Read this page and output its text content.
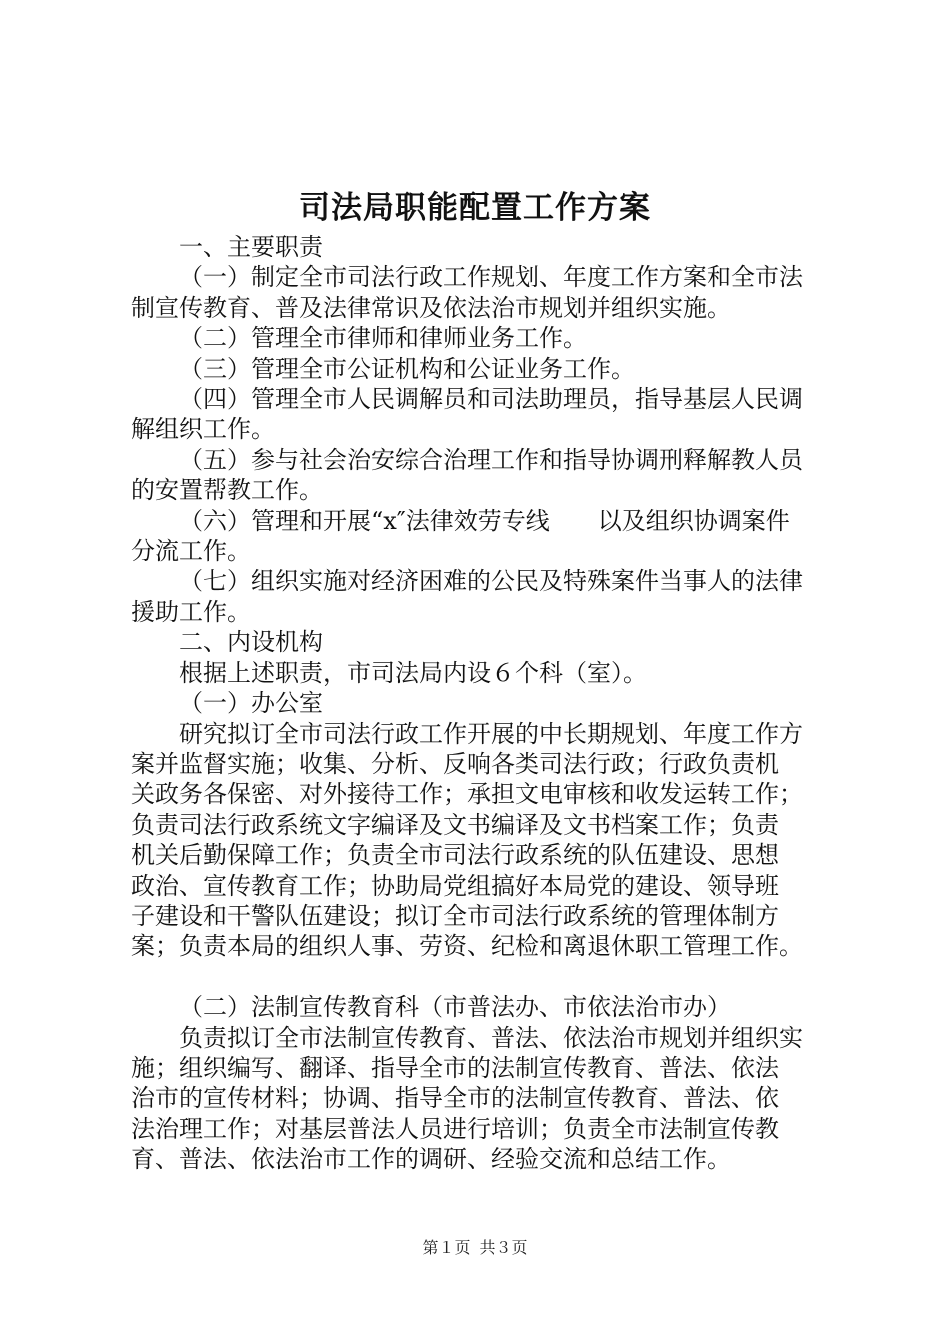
司法局职能配置工作方案

一、主要职责

（一）制定全市司法行政工作规划、年度工作方案和全市法

制宣传教育、普及法律常识及依法治市规划并组织实施。

（二）管理全市律师和律师业务工作。

（三）管理全市公证机构和公证业务工作。

（四）管理全市人民调解员和司法助理员，指导基层人民调

解组织工作。

（五）参与社会治安综合治理工作和指导协调刑释解教人员

的安置帮教工作。

（六）管理和开展“x″法律效劳专线　　以及组织协调案件

分流工作。

（七）组织实施对经济困难的公民及特殊案件当事人的法律

援助工作。

二、内设机构

根据上述职责，市司法局内设６个科（室）。

（一）办公室

研究拟订全市司法行政工作开展的中长期规划、年度工作方

案并监督实施；收集、分析、反响各类司法行政；行政负责机

关政务各保密、对外接待工作；承担文电审核和收发运转工作；

负责司法行政系统文字编译及文书编译及文书档案工作；负责

机关后勤保障工作；负责全市司法行政系统的队伍建设、思想

政治、宣传教育工作；协助局党组搞好本局党的建设、领导班

子建设和干警队伍建设；拟订全市司法行政系统的管理体制方

案；负责本局的组织人事、劳资、纪检和离退休职工管理工作。

（二）法制宣传教育科（市普法办、市依法治市办）

负责拟订全市法制宣传教育、普法、依法治市规划并组织实

施；组织编写、翻译、指导全市的法制宣传教育、普法、依法

治市的宣传材料；协调、指导全市的法制宣传教育、普法、依

法治理工作；对基层普法人员进行培训；负责全市法制宣传教

育、普法、依法治市工作的调研、经验交流和总结工作。

第１页 共３页
